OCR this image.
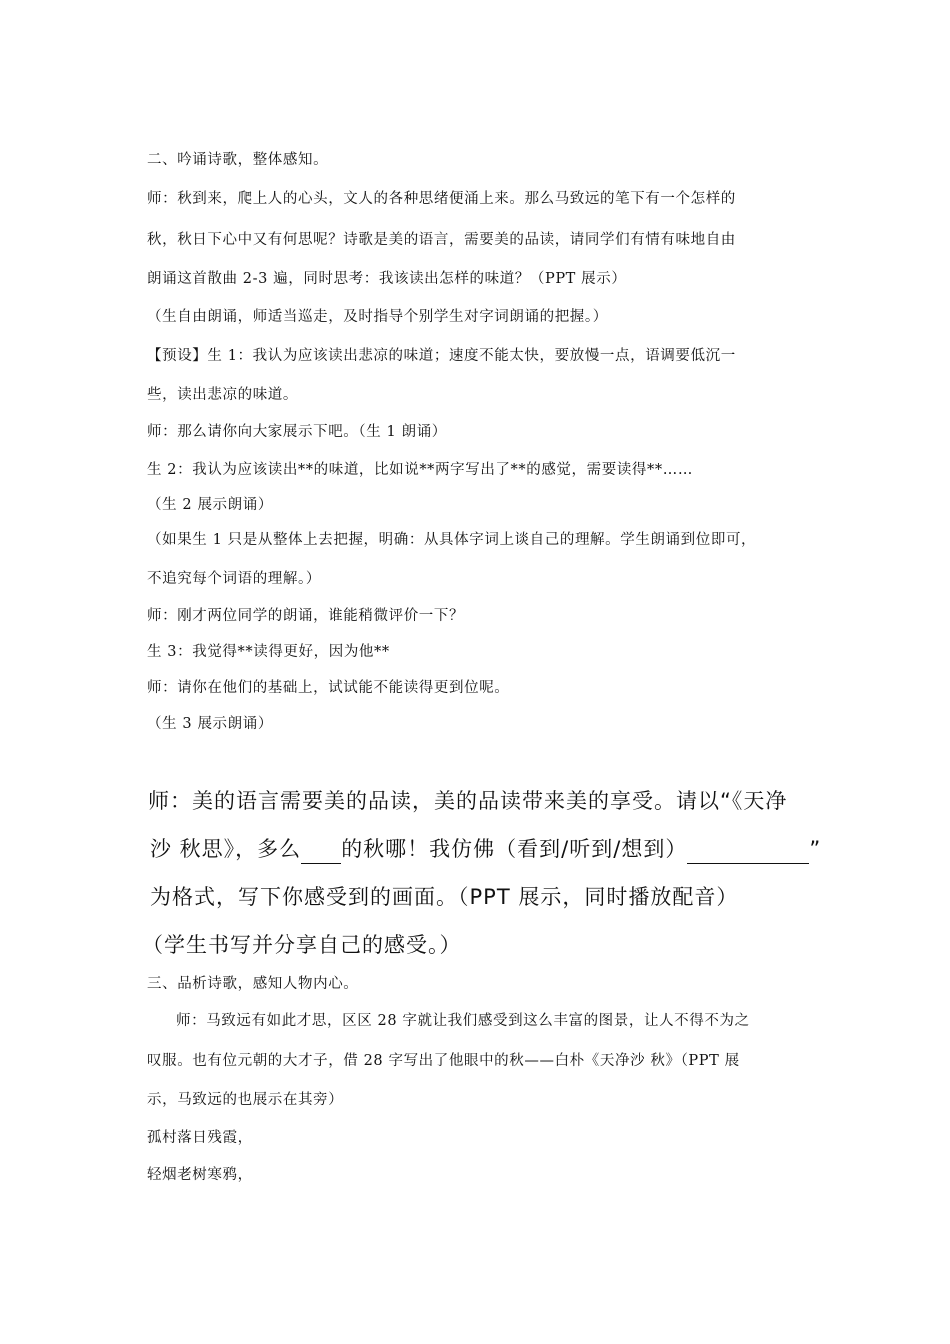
二、吟诵诗歌，整体感知。
师：秋到来，爬上人的心头，文人的各种思绪便涌上来。那么马致远的笔下有一个怎样的
秋，秋日下心中又有何思呢？诗歌是美的语言，需要美的品读，请同学们有情有味地自由
朗诵这首散曲 2-3 遍，同时思考：我该读出怎样的味道？（PPT 展示）
（生自由朗诵，师适当巡走，及时指导个别学生对字词朗诵的把握。）
【预设】生 1：我认为应该读出悲凉的味道；速度不能太快，要放慢一点，语调要低沉一
些，读出悲凉的味道。
师：那么请你向大家展示下吧。（生 1 朗诵）
生 2：我认为应该读出**的味道，比如说**两字写出了**的感觉，需要读得**……
（生 2 展示朗诵）
（如果生 1 只是从整体上去把握，明确：从具体字词上谈自己的理解。学生朗诵到位即可，
不追究每个词语的理解。）
师：刚才两位同学的朗诵，谁能稍微评价一下？
生 3：我觉得**读得更好，因为他**
师：请你在他们的基础上，试试能不能读得更到位呢。
（生 3 展示朗诵）
师：美的语言需要美的品读，美的品读带来美的享受。请以“《天净
沙 秋思》，多么 的秋哪！我仿佛（看到/听到/想到）	”
为格式，写下你感受到的画面。（PPT 展示，同时播放配音）
（学生书写并分享自己的感受。）
三、品析诗歌，感知人物内心。
师：马致远有如此才思，区区 28 字就让我们感受到这么丰富的图景，让人不得不为之
叹服。也有位元朝的大才子，借 28 字写出了他眼中的秋——白朴《天净沙 秋》（PPT 展
示，马致远的也展示在其旁）
孤村落日残霞，
轻烟老树寒鸦，
